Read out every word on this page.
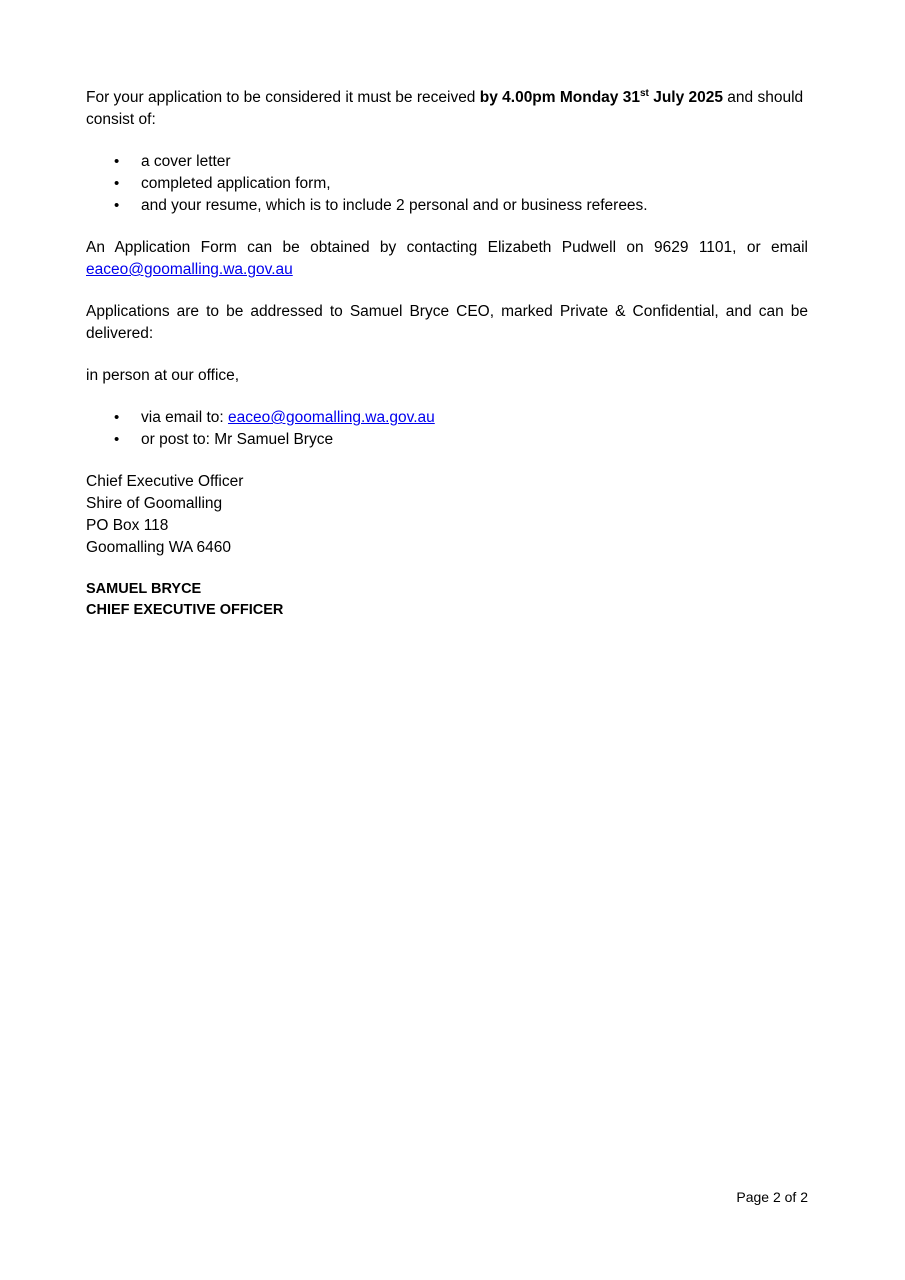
For your application to be considered it must be received by 4.00pm Monday 31st July 2025 and should consist of:

• a cover letter
• completed application form,
• and your resume, which is to include 2 personal and or business referees.

An Application Form can be obtained by contacting Elizabeth Pudwell on 9629 1101, or email eaceo@goomalling.wa.gov.au

Applications are to be addressed to Samuel Bryce CEO, marked Private & Confidential, and can be delivered:

in person at our office,

• via email to: eaceo@goomalling.wa.gov.au
• or post to: Mr Samuel Bryce

Chief Executive Officer

Shire of Goomalling

PO Box 118

Goomalling WA 6460

SAMUEL BRYCE

CHIEF EXECUTIVE OFFICER

Page 2 of 2
